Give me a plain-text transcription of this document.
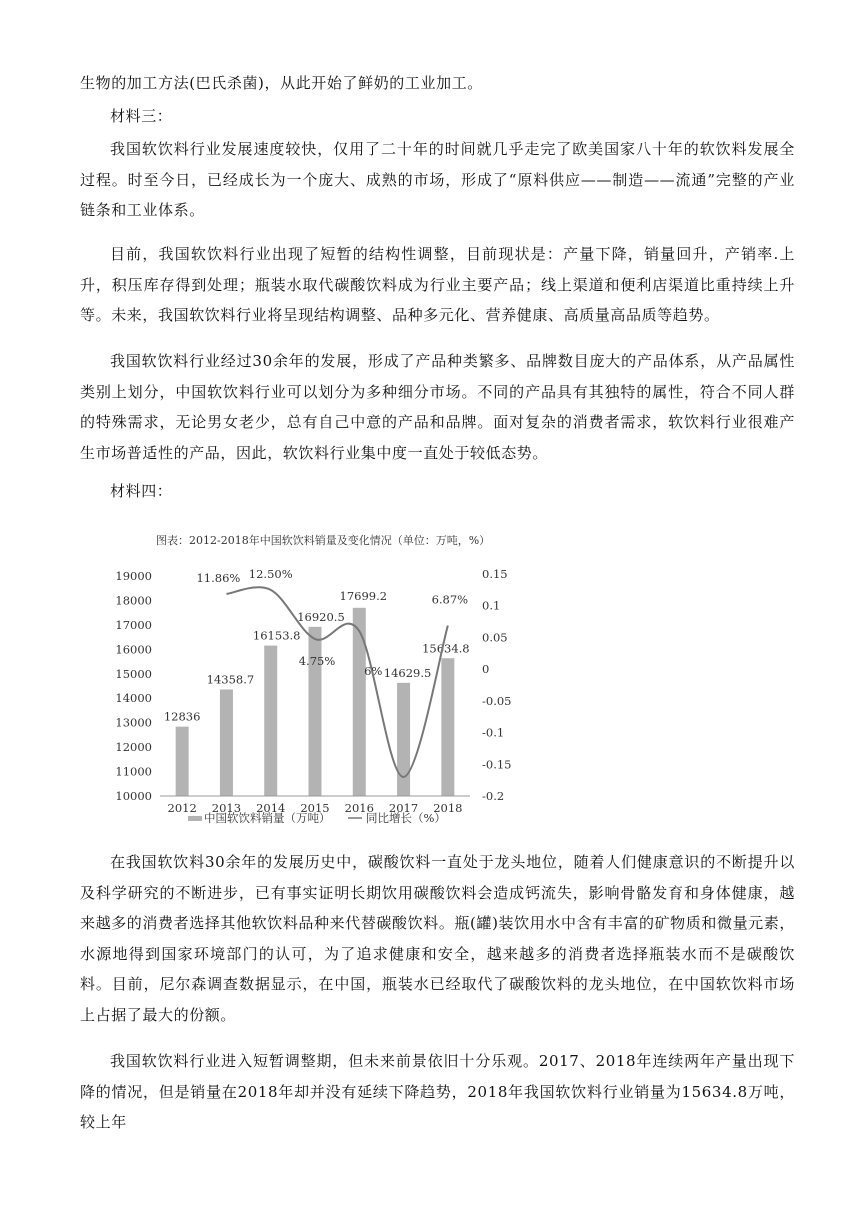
生物的加工方法(巴氏杀菌)，从此开始了鲜奶的工业加工。

材料三：

我国软饮料行业发展速度较快，仅用了二十年的时间就几乎走完了欧美国家八十年的软饮料发展全过程。时至今日，已经成长为一个庞大、成熟的市场，形成了“原料供应——制造——流通”完整的产业链条和工业体系。

目前，我国软饮料行业出现了短暂的结构性调整，目前现状是：产量下降，销量回升，产销率.上升，积压库存得到处理；瓶装水取代碳酸饮料成为行业主要产品；线上渠道和便利店渠道比重持续上升等。未来，我国软饮料行业将呈现结构调整、品种多元化、营养健康、高质量高品质等趋势。

我国软饮料行业经过30余年的发展，形成了产品种类繁多、品牌数目庞大的产品体系，从产品属性类别上划分，中国软饮料行业可以划分为多种细分市场。不同的产品具有其独特的属性，符合不同人群的特殊需求，无论男女老少，总有自己中意的产品和品牌。面对复杂的消费者需求，软饮料行业很难产生市场普适性的产品，因此，软饮料行业集中度一直处于较低态势。

材料四：

图表：2012-2018年中国软饮料销量及变化情况（单位：万吨，%）
12836
14358.7
16153.8
16920.5
17699.2
14629.5
15634.8
11.86% 12.50%
4.75%
6%
6.87%
19000
18000
17000
16000
15000
14000
13000
12000
11000
10000
0.15
0.1
0.05
0
-0.05
-0.1
-0.15
-0.2
2012 2013 2014 2015 2016 2017 2018
中国软饮料销量（万吨）	同比增长（%）

在我国软饮料30余年的发展历史中，碳酸饮料一直处于龙头地位，随着人们健康意识的不断提升以及科学研究的不断进步，已有事实证明长期饮用碳酸饮料会造成钙流失，影响骨骼发育和身体健康，越来越多的消费者选择其他软饮料品种来代替碳酸饮料。瓶(罐)装饮用水中含有丰富的矿物质和微量元素，水源地得到国家环境部门的认可，为了追求健康和安全，越来越多的消费者选择瓶装水而不是碳酸饮料。目前，尼尔森调查数据显示，在中国，瓶装水已经取代了碳酸饮料的龙头地位，在中国软饮料市场上占据了最大的份额。

我国软饮料行业进入短暂调整期，但未来前景依旧十分乐观。2017、2018年连续两年产量出现下降的情况，但是销量在2018年却并没有延续下降趋势，2018年我国软饮料行业销量为15634.8万吨，较上年
